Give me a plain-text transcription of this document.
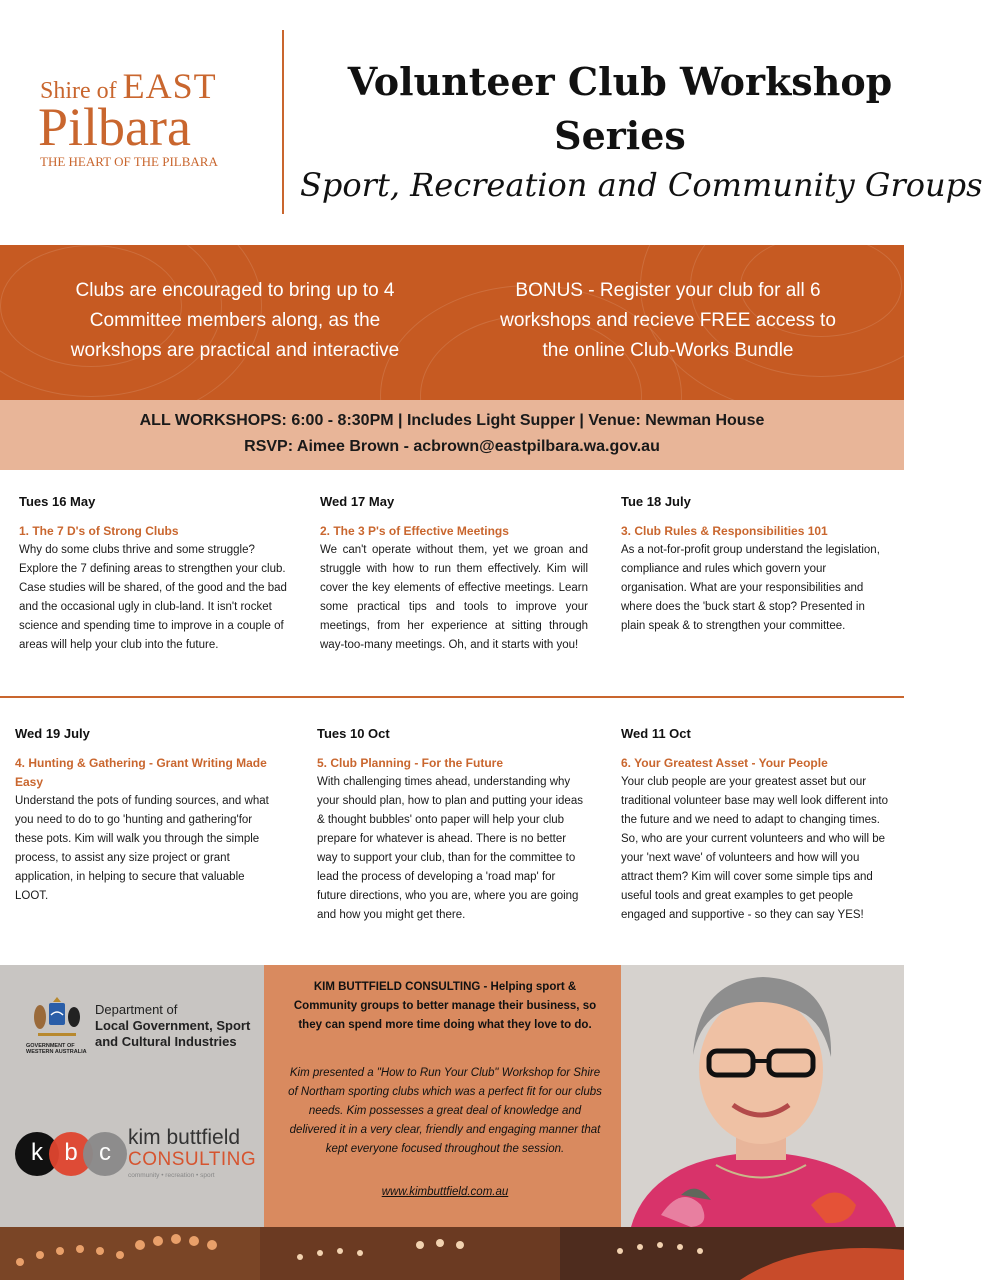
Shire of EAST
Pilbara
THE HEART OF THE PILBARA
Volunteer Club Workshop Series
Sport, Recreation and Community Groups
Clubs are encouraged to bring up to 4 Committee members along, as the workshops are practical and interactive
BONUS - Register your club for all 6 workshops and recieve FREE access to the online Club-Works Bundle
ALL WORKSHOPS: 6:00 - 8:30PM | Includes Light Supper | Venue: Newman House
RSVP: Aimee Brown - acbrown@eastpilbara.wa.gov.au
Tues 16 May
1. The 7 D's of Strong Clubs

Why do some clubs thrive and some struggle? Explore the 7 defining areas to strengthen your club. Case studies will be shared, of the good and the bad and the occasional ugly in club-land. It isn't rocket science and spending time to improve in a couple of areas will help your club into the future.

Wed 17 May
2. The 3 P's of Effective Meetings

We can't operate without them, yet we groan and struggle with how to run them effectively. Kim will cover the key elements of effective meetings. Learn some practical tips and tools to improve your meetings, from her experience at sitting through way-too-many meetings. Oh, and it starts with you!

Tue 18 July
3. Club Rules & Responsibilities 101

As a not-for-profit group understand the legislation, compliance and rules which govern your organisation. What are your responsibilities and where does the 'buck start & stop? Presented in plain speak & to strengthen your committee.

Wed 19 July
4. Hunting & Gathering - Grant Writing Made Easy

Understand the pots of funding sources, and what you need to do to go 'hunting and gathering'for these pots. Kim will walk you through the simple process, to assist any size project or grant application, in helping to secure that valuable LOOT.

Tues 10 Oct
5. Club Planning - For the Future

With challenging times ahead, understanding why your should plan, how to plan and putting your ideas & thought bubbles' onto paper will help your club prepare for whatever is ahead. There is no better way to support your club, than for the committee to lead the process of developing a 'road map' for future directions, who you are, where you are going and how you might get there.

Wed 11 Oct
6. Your Greatest Asset - Your People

Your club people are your greatest asset but our traditional volunteer base may well look different into the future and we need to adapt to changing times. So, who are your current volunteers and who will be your 'next wave' of volunteers and how will you attract them? Kim will cover some simple tips and useful tools and great examples to get people engaged and supportive - so they can say YES!

Department of
Local Government, Sport
and Cultural Industries
GOVERNMENT OF
WESTERN AUSTRALIA
k b c
kim buttfield
CONSULTING
community • recreation • sport
KIM BUTTFIELD CONSULTING - Helping sport & Community groups to better manage their business, so they can spend more time doing what they love to do.
Kim presented a "How to Run Your Club" Workshop for Shire of Northam sporting clubs which was a perfect fit for our clubs needs. Kim possesses a great deal of knowledge and delivered it in a very clear, friendly and engaging manner that kept everyone focused throughout the session.
www.kimbuttfield.com.au
